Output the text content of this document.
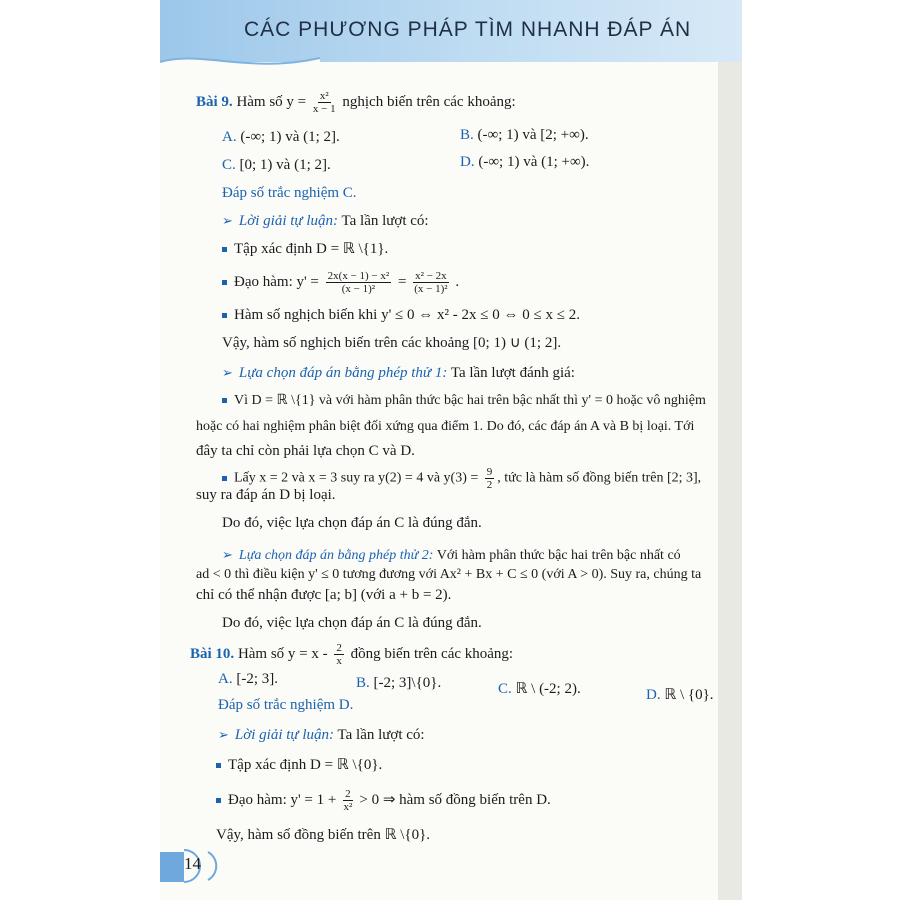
CÁC PHƯƠNG PHÁP TÌM NHANH ĐÁP ÁN
Bài 9. Hàm số $y = \frac{\text{x²}}{x - 1}$ nghịch biến trên các khoảng:
A. (-∞; 1) và (1; 2].	B. (-∞; 1) và [2; +∞).
C. [0; 1) và (1; 2].	D. (-∞; 1) và (1; +∞).
Đáp số trắc nghiệm C.
➢ Lời giải tự luận: Ta lần lượt có:
Tập xác định D = ℝ \{1}.
Đạo hàm: $y' = \frac{\text{2x(x − 1) − x²}}{\text{(x − 1)²}} = \frac{\text{x² − 2x}}{\text{(x − 1)²}}$ .
Hàm số nghịch biến khi y' ≤ 0 ⇔ x² - 2x ≤ 0 ⇔ 0 ≤ x ≤ 2.
Vậy, hàm số nghịch biến trên các khoảng [0; 1) ∪ (1; 2].
➢ Lựa chọn đáp án bằng phép thử 1: Ta lần lượt đánh giá:
Vì D = ℝ \{1} và với hàm phân thức bậc hai trên bậc nhất thì y' = 0 hoặc vô nghiệm
hoặc có hai nghiệm phân biệt đối xứng qua điểm 1. Do đó, các đáp án A và B bị loại. Tới
đây ta chỉ còn phải lựa chọn C và D.
Lấy x = 2 và x = 3 suy ra y(2) = 4 và $y(3) = \frac{9}{2}$ , tức là hàm số đồng biến trên [2; 3],
suy ra đáp án D bị loại.
Do đó, việc lựa chọn đáp án C là đúng đắn.
➢ Lựa chọn đáp án bằng phép thử 2: Với hàm phân thức bậc hai trên bậc nhất có
ad < 0 thì điều kiện y' ≤ 0 tương đương với Ax² + Bx + C ≤ 0 (với A > 0). Suy ra, chúng ta
chỉ có thể nhận được [a; b] (với a + b = 2).
Do đó, việc lựa chọn đáp án C là đúng đắn.
Bài 10. Hàm số $y = x - \frac{2}{x}$ đồng biến trên các khoảng:
A. [-2; 3].	B. [-2; 3]\{0}.	C. ℝ \ (-2; 2).	D. ℝ \ {0}.
Đáp số trắc nghiệm D.
➢ Lời giải tự luận: Ta lần lượt có:
Tập xác định D = ℝ \{0}.
Đạo hàm: $y' = 1 + \frac{2}{\text{x²}} > 0$ ⇒ hàm số đồng biến trên D.
Vậy, hàm số đồng biến trên ℝ \{0}.
14
